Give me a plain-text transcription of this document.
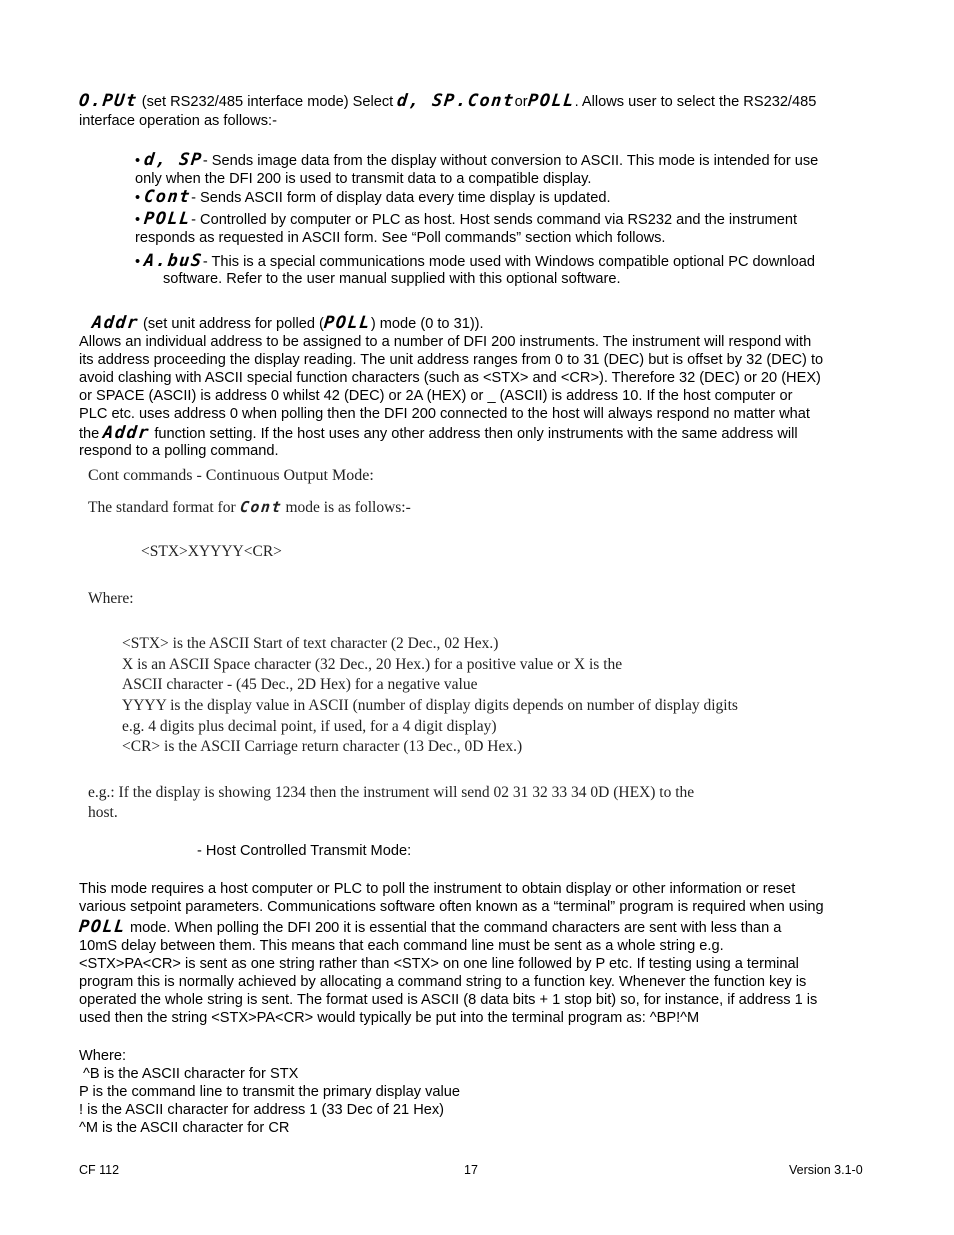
O.PUt (set RS232/485 interface mode) Select d, SP.ContorPOLL. Allows user to select the RS232/485
interface operation as follows:-
• d, SP- Sends image data from the display without conversion to ASCII. This mode is intended for use
only when the DFI 200 is used to transmit data to a compatible display.
• Cont- Sends ASCII form of display data every time display is updated.
• POLL- Controlled by computer or PLC as host. Host sends command via RS232 and the instrument
responds as requested in ASCII form. See “Poll commands” section which follows.
• A.buS- This is a special communications mode used with Windows compatible optional PC download
software. Refer to the user manual supplied with this optional software.
Addr (set unit address for polled (POLL) mode (0 to 31)).
Allows an individual address to be assigned to a number of DFI 200 instruments. The instrument will respond with
its address proceeding the display reading. The unit address ranges from 0 to 31 (DEC) but is offset by 32 (DEC) to
avoid clashing with ASCII special function characters (such as <STX> and <CR>). Therefore 32 (DEC) or 20 (HEX)
or SPACE (ASCII) is address 0 whilst 42 (DEC) or 2A (HEX) or _ (ASCII) is address 10. If the host computer or
PLC etc. uses address 0 when polling then the DFI 200 connected to the host will always respond no matter what
the Addr function setting. If the host uses any other address then only instruments with the same address will
respond to a polling command.
Cont commands - Continuous Output Mode:
The standard format for Cont mode is as follows:-
<STX>XYYYY<CR>
Where:
<STX> is the ASCII Start of text character (2 Dec., 02 Hex.)
X is an ASCII Space character (32 Dec., 20 Hex.) for a positive value or X is the
ASCII character - (45 Dec., 2D Hex) for a negative value
YYYY is the display value in ASCII (number of display digits depends on number of display digits
e.g. 4 digits plus decimal point, if used, for a 4 digit display)
<CR> is the ASCII Carriage return character (13 Dec., 0D Hex.)
e.g.: If the display is showing 1234 then the instrument will send 02 31 32 33 34 0D (HEX) to the
host.
- Host Controlled Transmit Mode:
This mode requires a host computer or PLC to poll the instrument to obtain display or other information or reset
various setpoint parameters. Communications software often known as a “terminal” program is required when using
POLL mode. When polling the DFI 200 it is essential that the command characters are sent with less than a
10mS delay between them. This means that each command line must be sent as a whole string e.g.
<STX>PA<CR> is sent as one string rather than <STX> on one line followed by P etc. If testing using a terminal
program this is normally achieved by allocating a command string to a function key. Whenever the function key is
operated the whole string is sent. The format used is ASCII (8 data bits + 1 stop bit) so, for instance, if address 1 is
used then the string <STX>PA<CR> would typically be put into the terminal program as: ^BP!^M
Where:
^B is the ASCII character for STX
P is the command line to transmit the primary display value
! is the ASCII character for address 1 (33 Dec of 21 Hex)
^M is the ASCII character for CR
CF 112	17	Version 3.1-0
